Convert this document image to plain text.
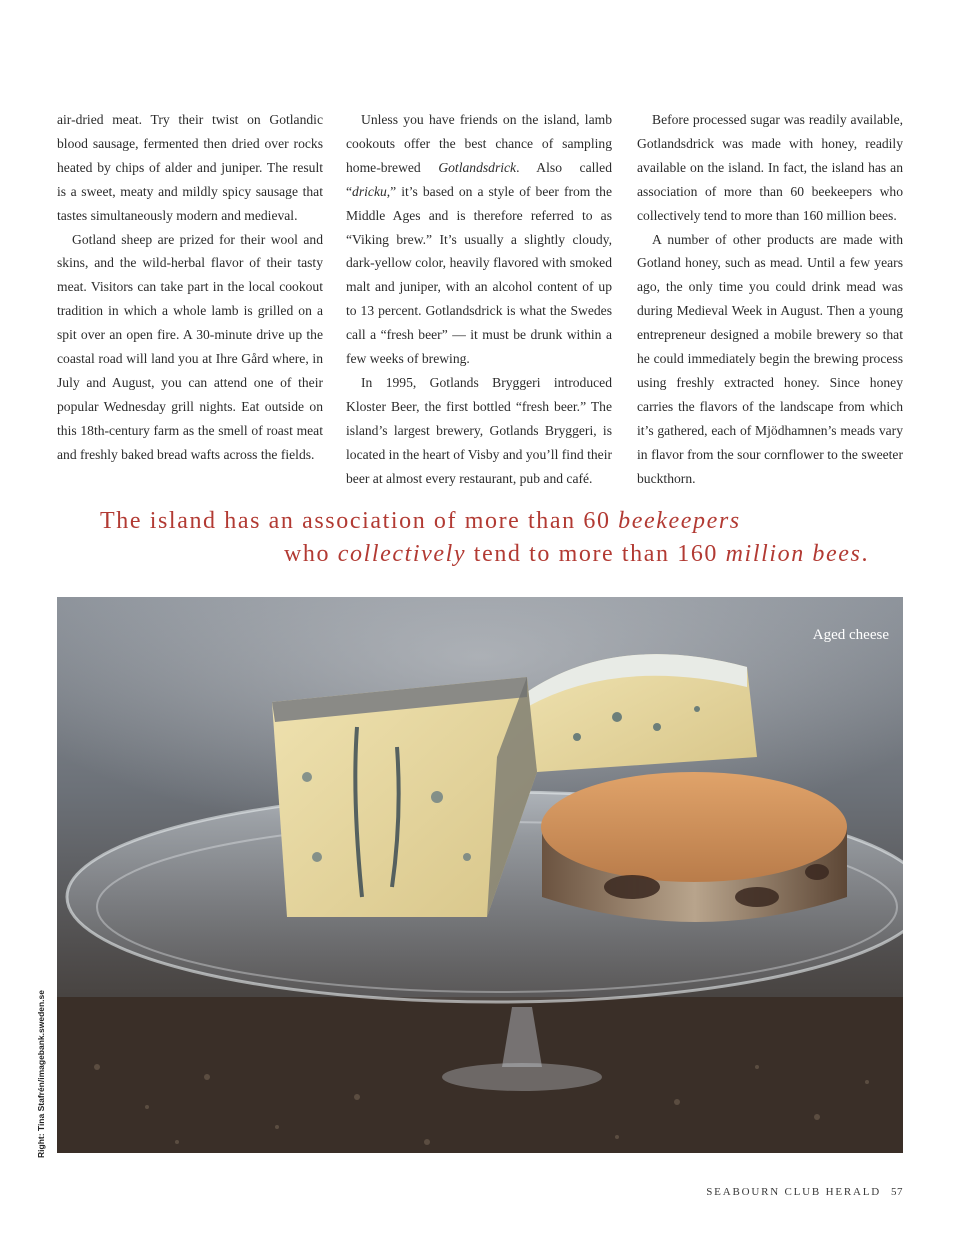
air-dried meat. Try their twist on Gotlandic blood sausage, fermented then dried over rocks heated by chips of alder and juniper. The result is a sweet, meaty and mildly spicy sausage that tastes simultaneously modern and medieval.

Gotland sheep are prized for their wool and skins, and the wild-herbal flavor of their tasty meat. Visitors can take part in the local cookout tradition in which a whole lamb is grilled on a spit over an open fire. A 30-minute drive up the coastal road will land you at Ihre Gård where, in July and August, you can attend one of their popular Wednesday grill nights. Eat outside on this 18th-century farm as the smell of roast meat and freshly baked bread wafts across the fields.

Unless you have friends on the island, lamb cookouts offer the best chance of sampling home-brewed Gotlandsdrick. Also called “dricku,” it’s based on a style of beer from the Middle Ages and is therefore referred to as “Viking brew.” It’s usually a slightly cloudy, dark-yellow color, heavily flavored with smoked malt and juniper, with an alcohol content of up to 13 percent. Gotlandsdrick is what the Swedes call a “fresh beer” — it must be drunk within a few weeks of brewing.

In 1995, Gotlands Bryggeri introduced Kloster Beer, the first bottled “fresh beer.” The island’s largest brewery, Gotlands Bryggeri, is located in the heart of Visby and you’ll find their beer at almost every restaurant, pub and café.

Before processed sugar was readily available, Gotlandsdrick was made with honey, readily available on the island. In fact, the island has an association of more than 60 beekeepers who collectively tend to more than 160 million bees.

A number of other products are made with Gotland honey, such as mead. Until a few years ago, the only time you could drink mead was during Medieval Week in August. Then a young entrepreneur designed a mobile brewery so that he could immediately begin the brewing process using freshly extracted honey. Since honey carries the flavors of the landscape from which it’s gathered, each of Mjödhamnen’s meads vary in flavor from the sour cornflower to the sweeter buckthorn.

The island has an association of more than 60 beekeepers
who collectively tend to more than 160 million bees.
Aged cheese
Right: Tina Stafrén/imagebank.sweden.se
SEABOURN CLUB HERALD 57
